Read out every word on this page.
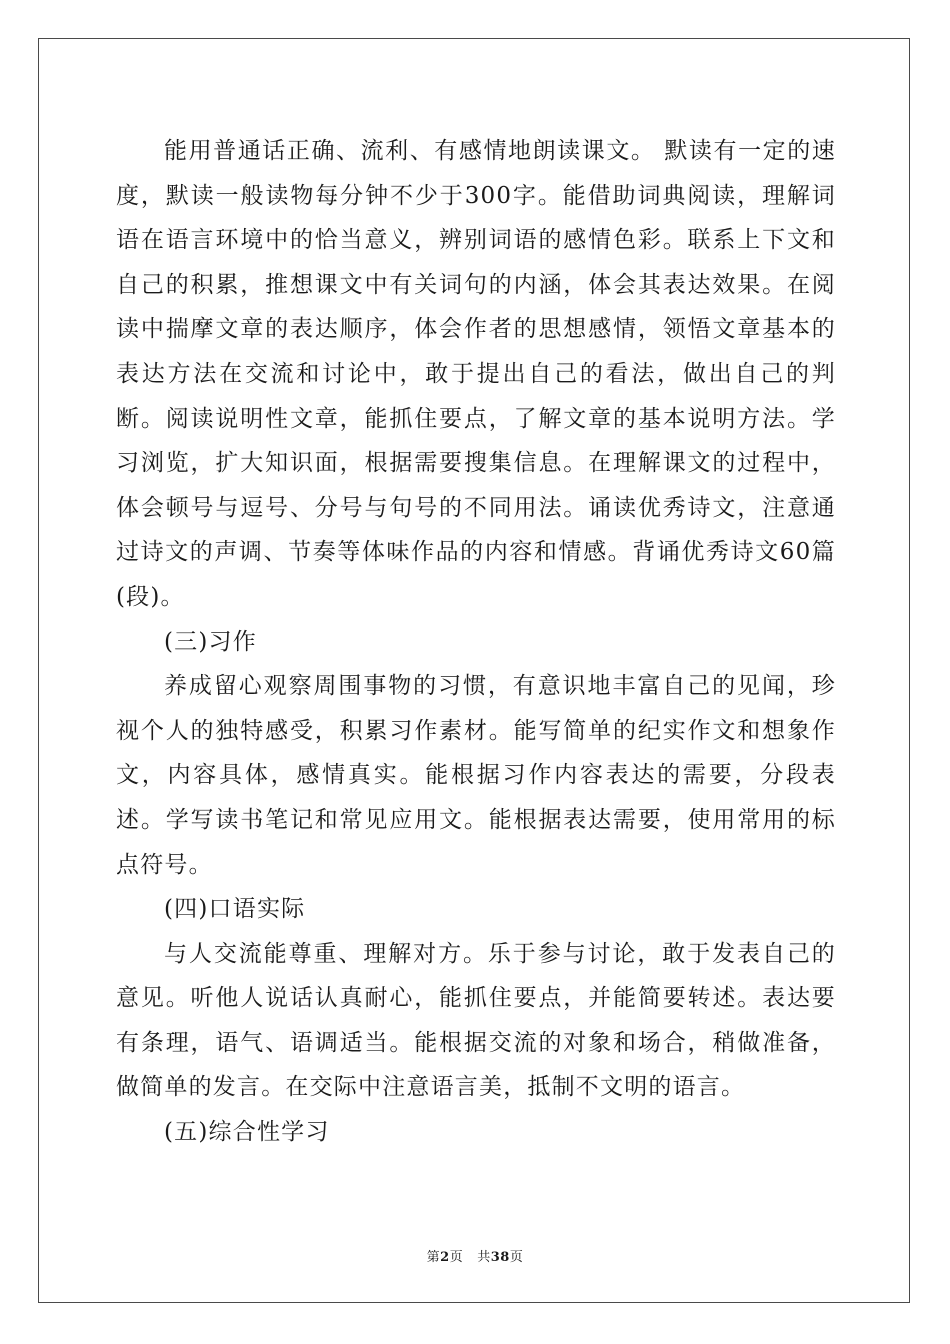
能用普通话正确、流利、有感情地朗读课文。 默读有一定的速度，默读一般读物每分钟不少于300字。能借助词典阅读，理解词语在语言环境中的恰当意义，辨别词语的感情色彩。联系上下文和自己的积累，推想课文中有关词句的内涵，体会其表达效果。在阅读中揣摩文章的表达顺序，体会作者的思想感情，领悟文章基本的表达方法在交流和讨论中，敢于提出自己的看法，做出自己的判断。阅读说明性文章，能抓住要点，了解文章的基本说明方法。学习浏览，扩大知识面，根据需要搜集信息。在理解课文的过程中，体会顿号与逗号、分号与句号的不同用法。诵读优秀诗文，注意通过诗文的声调、节奏等体味作品的内容和情感。背诵优秀诗文60篇(段)。

(三)习作

养成留心观察周围事物的习惯，有意识地丰富自己的见闻，珍视个人的独特感受，积累习作素材。能写简单的纪实作文和想象作文，内容具体，感情真实。能根据习作内容表达的需要，分段表述。学写读书笔记和常见应用文。能根据表达需要，使用常用的标点符号。

(四)口语实际

与人交流能尊重、理解对方。乐于参与讨论，敢于发表自己的意见。听他人说话认真耐心，能抓住要点，并能简要转述。表达要有条理，语气、语调适当。能根据交流的对象和场合，稍做准备，做简单的发言。在交际中注意语言美，抵制不文明的语言。

(五)综合性学习

第2页 共38页
